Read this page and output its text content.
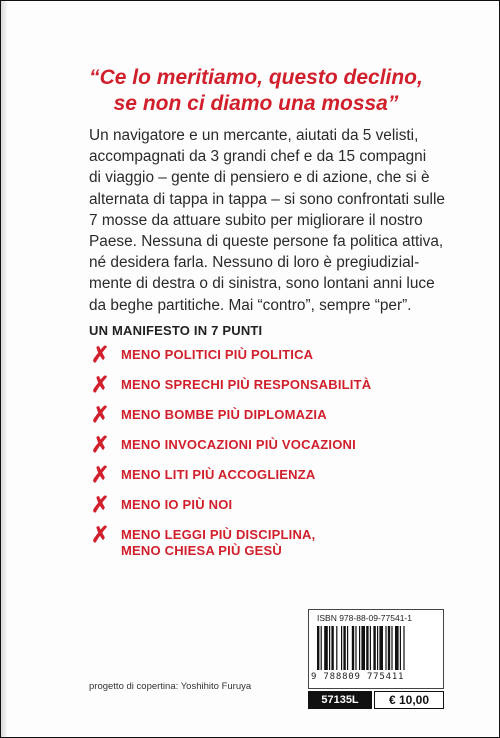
“Ce lo meritiamo, questo declino,
se non ci diamo una mossa”
Un navigatore e un mercante, aiutati da 5 velisti,
accompagnati da 3 grandi chef e da 15 compagni
di viaggio – gente di pensiero e di azione, che si è
alternata di tappa in tappa – si sono confrontati sulle
7 mosse da attuare subito per migliorare il nostro
Paese. Nessuna di queste persone fa politica attiva,
né desidera farla. Nessuno di loro è pregiudizial-
mente di destra o di sinistra, sono lontani anni luce
da beghe partitiche. Mai “contro”, sempre “per”.
UN MANIFESTO IN 7 PUNTI
✗ MENO POLITICI PIÙ POLITICA
✗ MENO SPRECHI PIÙ RESPONSABILITÀ
✗ MENO BOMBE PIÙ DIPLOMAZIA
✗ MENO INVOCAZIONI PIÙ VOCAZIONI
✗ MENO LITI PIÙ ACCOGLIENZA
✗ MENO IO PIÙ NOI
✗ MENO LEGGI PIÙ DISCIPLINA,
MENO CHIESA PIÙ GESÙ
ISBN 978-88-09-77541-1
9 788809 775411
57135L	€ 10,00
progetto di copertina: Yoshihito Furuya
